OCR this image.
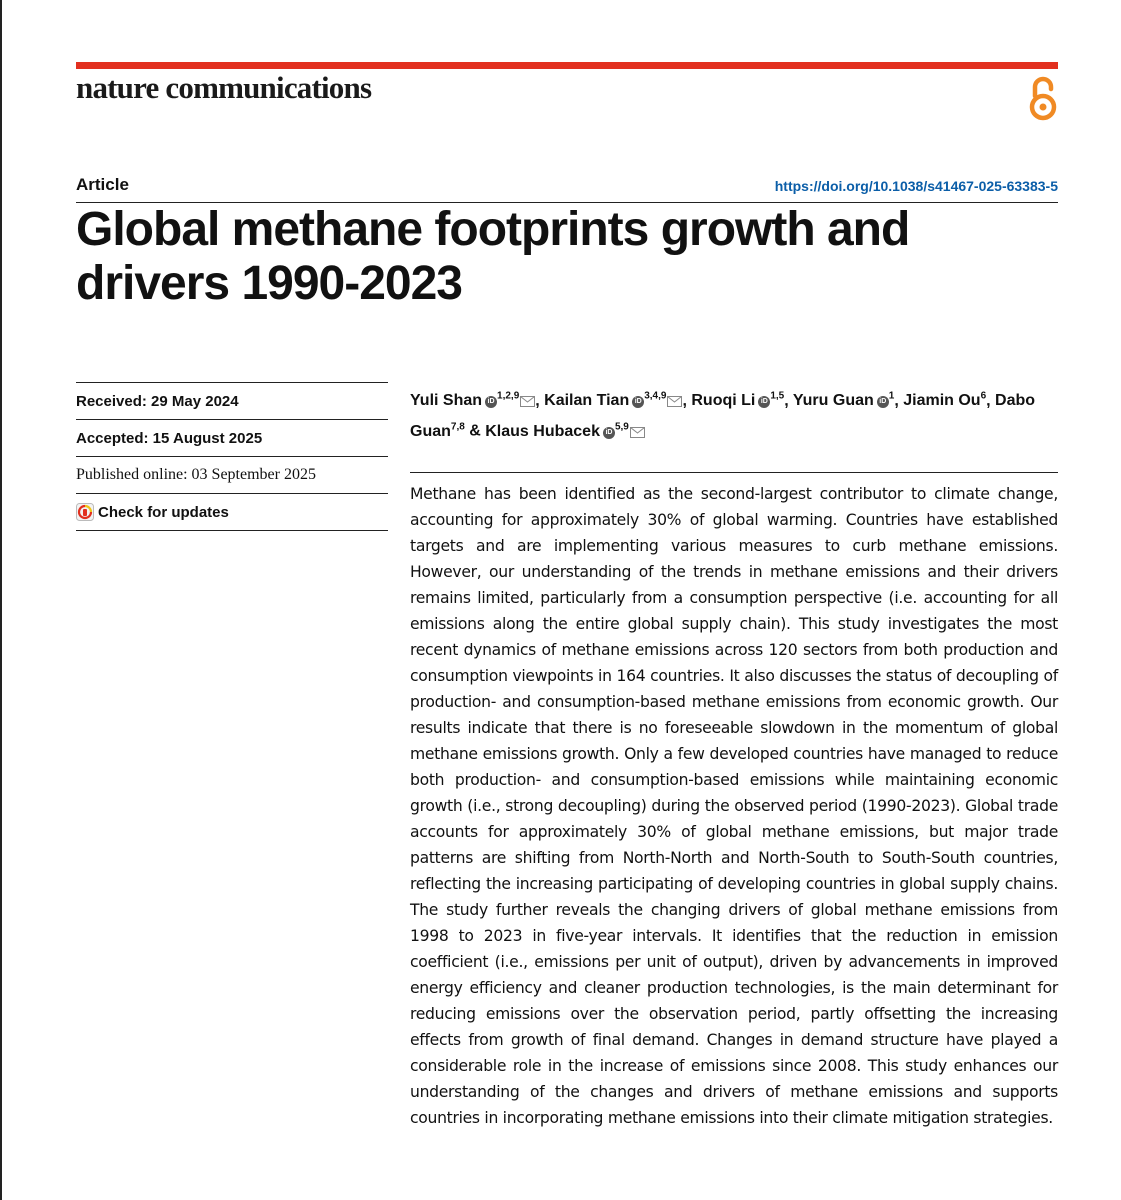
nature communications
Article	https://doi.org/10.1038/s41467-025-63383-5
Global methane footprints growth and drivers 1990-2023
Received: 29 May 2024
Accepted: 15 August 2025
Published online: 03 September 2025
Check for updates
Yuli Shan iD $^{1,2,9}$ , Kailan Tian iD $^{3,4,9}$ , Ruoqi Li iD $^{1,5}$, Yuru Guan iD $^1$, Jiamin Ou$^6$, Dabo Guan$^{7,8}$ & Klaus Hubacek iD $^{5,9}$

Methane has been identified as the second-largest contributor to climate change, accounting for approximately 30% of global warming. Countries have established targets and are implementing various measures to curb methane emissions. However, our understanding of the trends in methane emissions and their drivers remains limited, particularly from a consumption perspective (i.e. accounting for all emissions along the entire global supply chain). This study investigates the most recent dynamics of methane emissions across 120 sectors from both production and consumption viewpoints in 164 countries. It also discusses the status of decoupling of production- and consumption-based methane emissions from economic growth. Our results indicate that there is no foreseeable slowdown in the momentum of global methane emissions growth. Only a few developed countries have managed to reduce both production- and consumption-based emissions while maintaining economic growth (i.e., strong decoupling) during the observed period (1990-2023). Global trade accounts for approximately 30% of global methane emissions, but major trade patterns are shifting from North-North and North-South to South-South countries, reflecting the increasing participating of developing countries in global supply chains. The study further reveals the changing drivers of global methane emissions from 1998 to 2023 in five-year intervals. It identifies that the reduction in emission coefficient (i.e., emissions per unit of output), driven by advancements in improved energy efficiency and cleaner production technologies, is the main determinant for reducing emissions over the observation period, partly offsetting the increasing effects from growth of final demand. Changes in demand structure have played a considerable role in the increase of emissions since 2008. This study enhances our understanding of the changes and drivers of methane emissions and supports countries in incorporating methane emissions into their climate mitigation strategies.
